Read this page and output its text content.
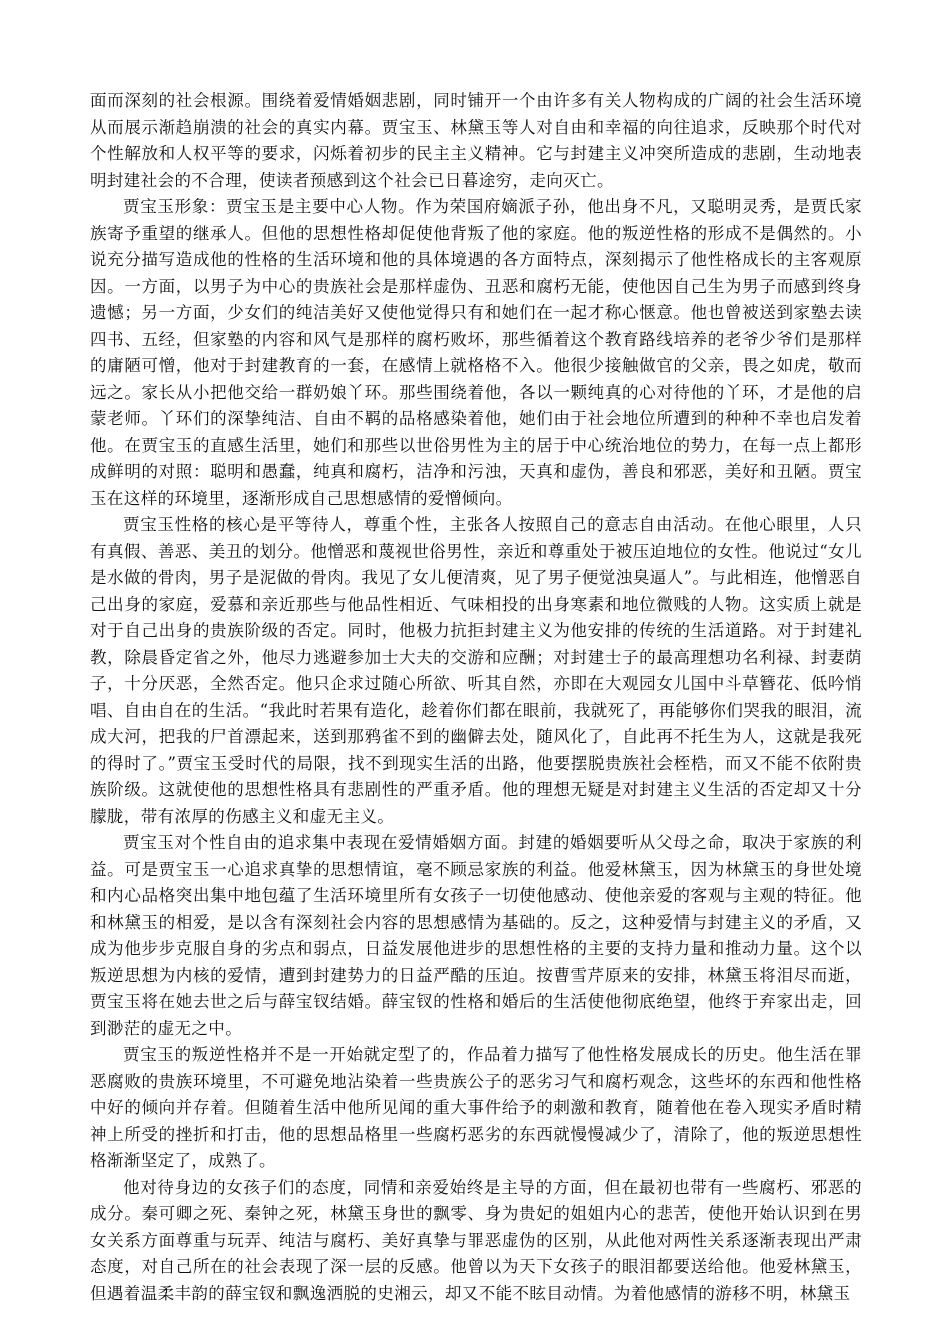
面而深刻的社会根源。围绕着爱情婚姻悲剧，同时铺开一个由许多有关人物构成的广阔的社会生活环境从而展示渐趋崩溃的社会的真实内幕。贾宝玉、林黛玉等人对自由和幸福的向往追求，反映那个时代对个性解放和人权平等的要求，闪烁着初步的民主主义精神。它与封建主义冲突所造成的悲剧，生动地表明封建社会的不合理，使读者预感到这个社会已日暮途穷，走向灭亡。

贾宝玉形象：贾宝玉是主要中心人物。作为荣国府嫡派子孙，他出身不凡，又聪明灵秀，是贾氏家族寄予重望的继承人。但他的思想性格却促使他背叛了他的家庭。他的叛逆性格的形成不是偶然的。小说充分描写造成他的性格的生活环境和他的具体境遇的各方面特点，深刻揭示了他性格成长的主客观原因。一方面，以男子为中心的贵族社会是那样虚伪、丑恶和腐朽无能，使他因自己生为男子而感到终身遗憾；另一方面，少女们的纯洁美好又使他觉得只有和她们在一起才称心惬意。他也曾被送到家塾去读四书、五经，但家塾的内容和风气是那样的腐朽败坏，那些循着这个教育路线培养的老爷少爷们是那样的庸陋可憎，他对于封建教育的一套，在感情上就格格不入。他很少接触做官的父亲，畏之如虎，敬而远之。家长从小把他交给一群奶娘丫环。那些围绕着他，各以一颗纯真的心对待他的丫环，才是他的启蒙老师。丫环们的深挚纯洁、自由不羁的品格感染着他，她们由于社会地位所遭到的种种不幸也启发着他。在贾宝玉的直感生活里，她们和那些以世俗男性为主的居于中心统治地位的势力，在每一点上都形成鲜明的对照：聪明和愚蠢，纯真和腐朽，洁净和污浊，天真和虚伪，善良和邪恶，美好和丑陋。贾宝玉在这样的环境里，逐渐形成自己思想感情的爱憎倾向。

贾宝玉性格的核心是平等待人，尊重个性，主张各人按照自己的意志自由活动。在他心眼里，人只有真假、善恶、美丑的划分。他憎恶和蔑视世俗男性，亲近和尊重处于被压迫地位的女性。他说过“女儿是水做的骨肉，男子是泥做的骨肉。我见了女儿便清爽，见了男子便觉浊臭逼人”。与此相连，他憎恶自己出身的家庭，爱慕和亲近那些与他品性相近、气味相投的出身寒素和地位微贱的人物。这实质上就是对于自己出身的贵族阶级的否定。同时，他极力抗拒封建主义为他安排的传统的生活道路。对于封建礼教，除晨昏定省之外，他尽力逃避参加士大夫的交游和应酬；对封建士子的最高理想功名利禄、封妻荫子，十分厌恶，全然否定。他只企求过随心所欲、听其自然，亦即在大观园女儿国中斗草簪花、低吟悄唱、自由自在的生活。“我此时若果有造化，趁着你们都在眼前，我就死了，再能够你们哭我的眼泪，流成大河，把我的尸首漂起来，送到那鸦雀不到的幽僻去处，随风化了，自此再不托生为人，这就是我死的得时了。”贾宝玉受时代的局限，找不到现实生活的出路，他要摆脱贵族社会桎梏，而又不能不依附贵族阶级。这就使他的思想性格具有悲剧性的严重矛盾。他的理想无疑是对封建主义生活的否定却又十分朦胧，带有浓厚的伤感主义和虚无主义。

贾宝玉对个性自由的追求集中表现在爱情婚姻方面。封建的婚姻要听从父母之命，取决于家族的利益。可是贾宝玉一心追求真挚的思想情谊，毫不顾忌家族的利益。他爱林黛玉，因为林黛玉的身世处境和内心品格突出集中地包蕴了生活环境里所有女孩子一切使他感动、使他亲爱的客观与主观的特征。他和林黛玉的相爱，是以含有深刻社会内容的思想感情为基础的。反之，这种爱情与封建主义的矛盾，又成为他步步克服自身的劣点和弱点，日益发展他进步的思想性格的主要的支持力量和推动力量。这个以叛逆思想为内核的爱情，遭到封建势力的日益严酷的压迫。按曹雪芹原来的安排，林黛玉将泪尽而逝，贾宝玉将在她去世之后与薛宝钗结婚。薛宝钗的性格和婚后的生活使他彻底绝望，他终于弃家出走，回到渺茫的虚无之中。

贾宝玉的叛逆性格并不是一开始就定型了的，作品着力描写了他性格发展成长的历史。他生活在罪恶腐败的贵族环境里，不可避免地沾染着一些贵族公子的恶劣习气和腐朽观念，这些坏的东西和他性格中好的倾向并存着。但随着生活中他所见闻的重大事件给予的刺激和教育，随着他在卷入现实矛盾时精神上所受的挫折和打击，他的思想品格里一些腐朽恶劣的东西就慢慢减少了，清除了，他的叛逆思想性格渐渐坚定了，成熟了。

他对待身边的女孩子们的态度，同情和亲爱始终是主导的方面，但在最初也带有一些腐朽、邪恶的成分。秦可卿之死、秦钟之死，林黛玉身世的飘零、身为贵妃的姐姐内心的悲苦，使他开始认识到在男女关系方面尊重与玩弄、纯洁与腐朽、美好真挚与罪恶虚伪的区别，从此他对两性关系逐渐表现出严肃态度，对自己所在的社会表现了深一层的反感。他曾以为天下女孩子的眼泪都要送给他。他爱林黛玉，但遇着温柔丰韵的薛宝钗和飘逸洒脱的史湘云，却又不能不眩目动情。为着他感情的游移不明，林黛玉
